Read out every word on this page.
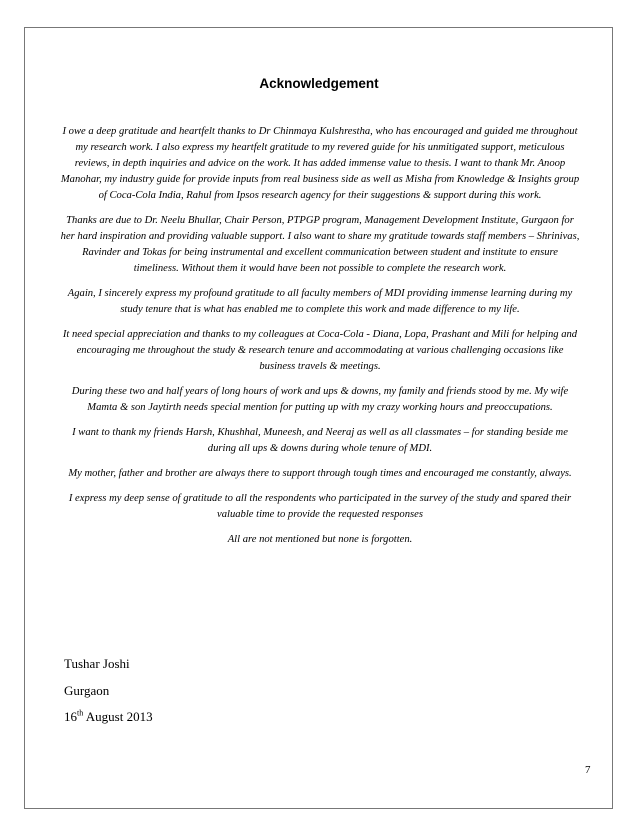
Acknowledgement

I owe a deep gratitude and heartfelt thanks to Dr Chinmaya Kulshrestha, who has encouraged and guided me throughout my research work. I also express my heartfelt gratitude to my revered guide for his unmitigated support, meticulous reviews, in depth inquiries and advice on the work. It has added immense value to thesis. I want to thank Mr. Anoop Manohar, my industry guide for provide inputs from real business side as well as Misha from Knowledge & Insights group of Coca-Cola India, Rahul from Ipsos research agency for their suggestions & support during this work.

Thanks are due to Dr. Neelu Bhullar, Chair Person, PTPGP program, Management Development Institute, Gurgaon for her hard inspiration and providing valuable support. I also want to share my gratitude towards staff members – Shrinivas, Ravinder and Tokas for being instrumental and excellent communication between student and institute to ensure timeliness. Without them it would have been not possible to complete the research work.

Again, I sincerely express my profound gratitude to all faculty members of MDI providing immense learning during my study tenure that is what has enabled me to complete this work and made difference to my life.

It need special appreciation and thanks to my colleagues at Coca-Cola - Diana, Lopa, Prashant and Mili for helping and encouraging me throughout the study & research tenure and accommodating at various challenging occasions like business travels & meetings.

During these two and half years of long hours of work and ups & downs, my family and friends stood by me. My wife Mamta & son Jaytirth needs special mention for putting up with my crazy working hours and preoccupations.

I want to thank my friends Harsh, Khushhal, Muneesh, and Neeraj as well as all classmates – for standing beside me during all ups & downs during whole tenure of MDI.

My mother, father and brother are always there to support through tough times and encouraged me constantly, always.

I express my deep sense of gratitude to all the respondents who participated in the survey of the study and spared their valuable time to provide the requested responses

All are not mentioned but none is forgotten.

Tushar Joshi
Gurgaon
16th August 2013
7
